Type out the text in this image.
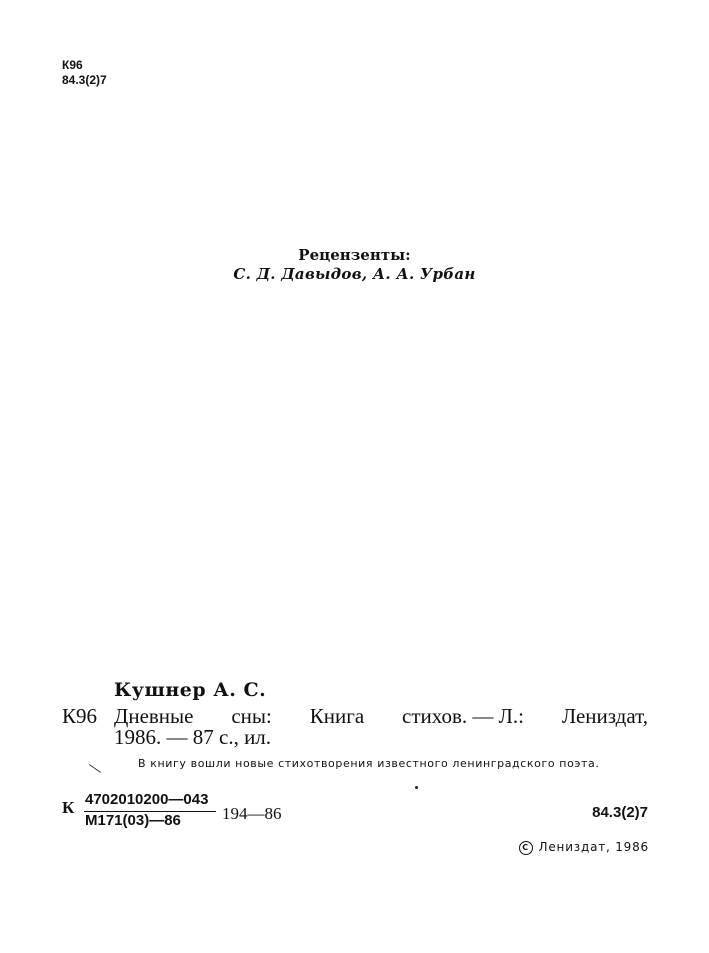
К96
84.3(2)7
Рецензенты:
С. Д. Давыдов, А. А. Урбан
Кушнер А. С.
К96 Дневные сны: Книга стихов. — Л.: Лениздат,
1986. — 87 с., ил.
В книгу вошли новые стихотворения известного ленинградского поэта.
К 4702010200—043
М171(03)—86 194—86	84.3(2)7
C Лениздат, 1986
